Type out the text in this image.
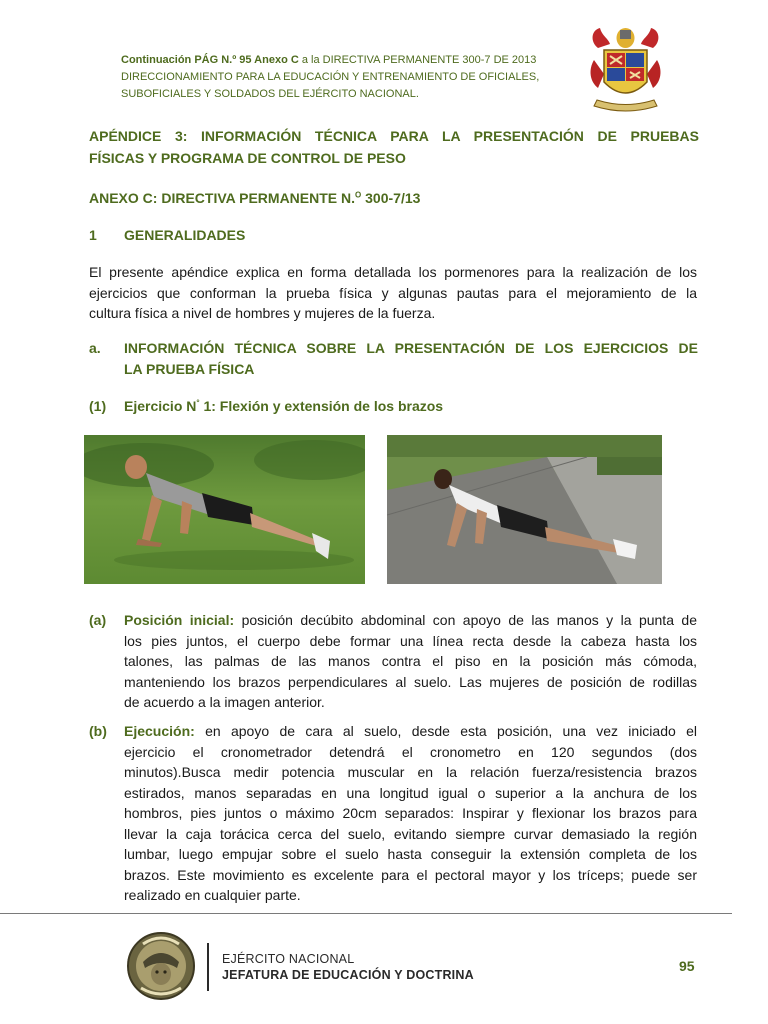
Continuación PÁG N.º 95 Anexo C a la DIRECTIVA PERMANENTE 300-7 DE 2013
DIRECCIONAMIENTO PARA LA EDUCACIÓN Y ENTRENAMIENTO DE OFICIALES,
SUBOFICIALES Y SOLDADOS DEL EJÉRCITO NACIONAL.
APÉNDICE 3: INFORMACIÓN TÉCNICA PARA LA PRESENTACIÓN DE PRUEBAS
FÍSICAS Y PROGRAMA DE CONTROL DE PESO
ANEXO C: DIRECTIVA PERMANENTE N.$^O$ 300-7/13
1 GENERALIDADES
El presente apéndice explica en forma detallada los pormenores para la realización de los
ejercicios que conforman la prueba física y algunas pautas para el mejoramiento de la
cultura física a nivel de hombres y mujeres de la fuerza.
a. INFORMACIÓN TÉCNICA SOBRE LA PRESENTACIÓN DE LOS EJERCICIOS DE
LA PRUEBA FÍSICA
(1) Ejercicio N° 1: Flexión y extensión de los brazos
(a) Posición inicial: posición decúbito abdominal con apoyo de las manos y la punta de
los pies juntos, el cuerpo debe formar una línea recta desde la cabeza hasta los
talones, las palmas de las manos contra el piso en la posición más cómoda,
manteniendo los brazos perpendiculares al suelo. Las mujeres de posición de rodillas
de acuerdo a la imagen anterior.
(b) Ejecución: en apoyo de cara al suelo, desde esta posición, una vez iniciado el
ejercicio el cronometrador detendrá el cronometro en 120 segundos (dos
minutos).Busca medir potencia muscular en la relación fuerza/resistencia brazos
estirados, manos separadas en una longitud igual o superior a la anchura de los
hombros, pies juntos o máximo 20cm separados: Inspirar y flexionar los brazos para
llevar la caja torácica cerca del suelo, evitando siempre curvar demasiado la región
lumbar, luego empujar sobre el suelo hasta conseguir la extensión completa de los
brazos. Este movimiento es excelente para el pectoral mayor y los tríceps; puede ser
realizado en cualquier parte.
EJÉRCITO NACIONAL
JEFATURA DE EDUCACIÓN Y DOCTRINA
95
